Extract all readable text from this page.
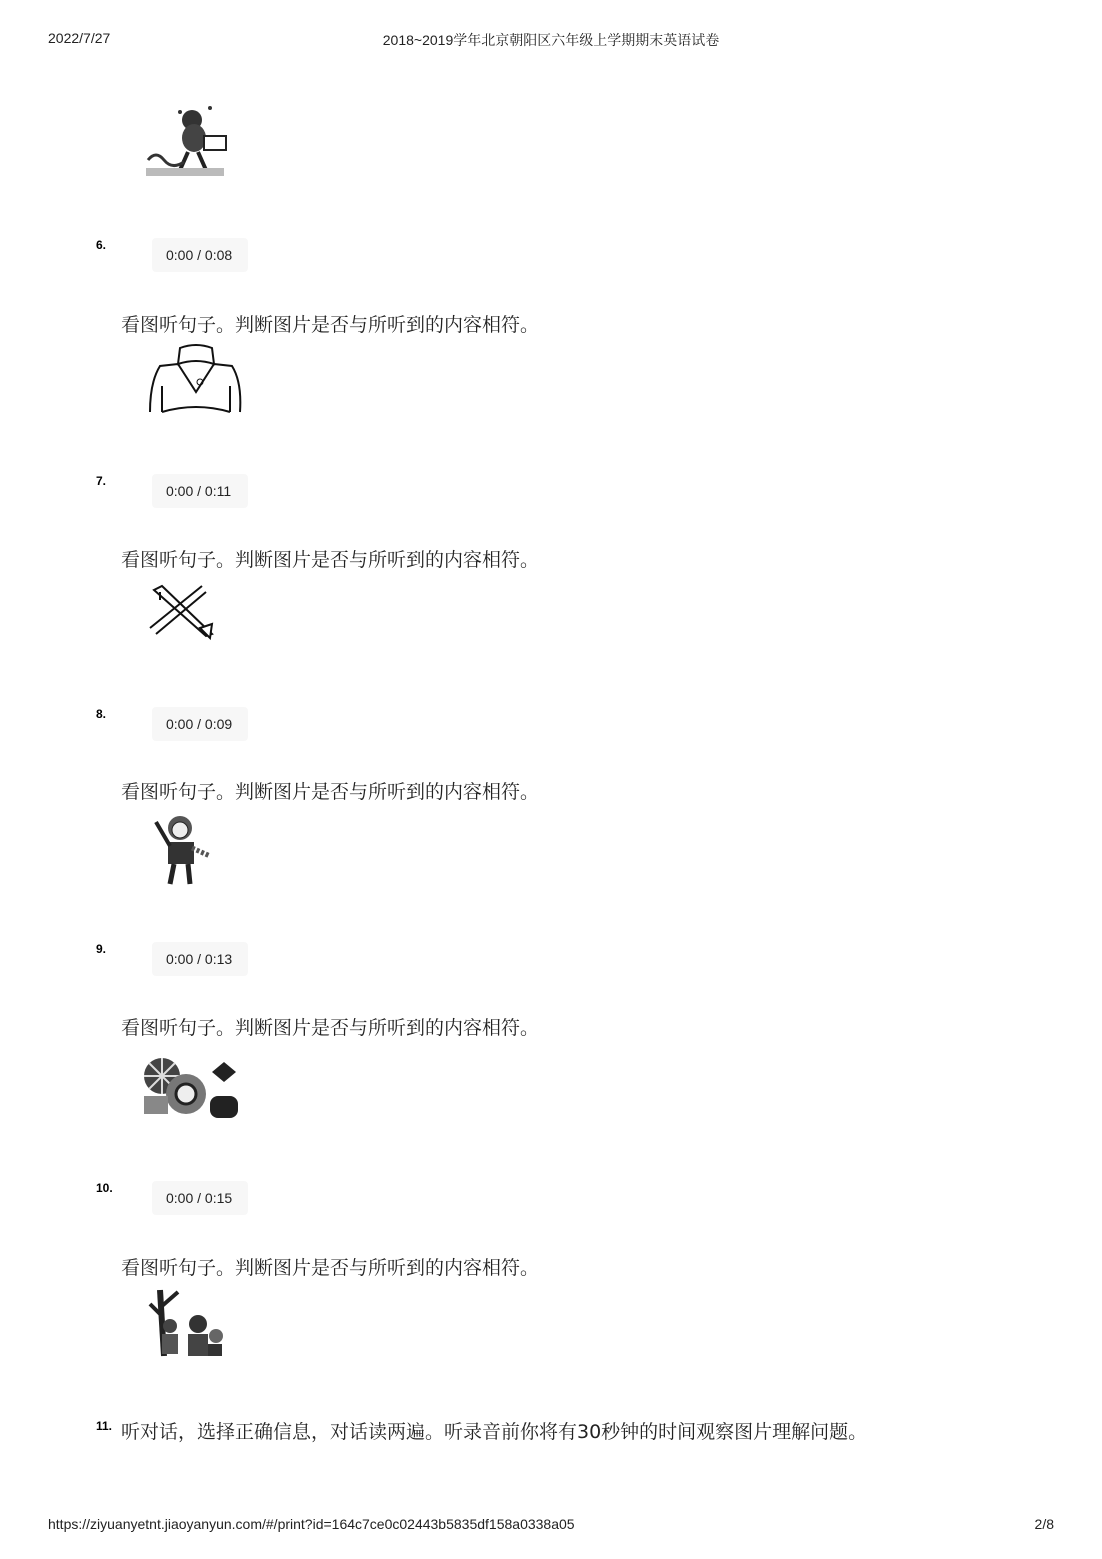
2022/7/27	2018~2019学年北京朝阳区六年级上学期期末英语试卷
6.
0:00 / 0:08
看图听句子。判断图片是否与所听到的内容相符。
7.
0:00 / 0:11
看图听句子。判断图片是否与所听到的内容相符。
8.
0:00 / 0:09
看图听句子。判断图片是否与所听到的内容相符。
9.
0:00 / 0:13
看图听句子。判断图片是否与所听到的内容相符。
10.
0:00 / 0:15
看图听句子。判断图片是否与所听到的内容相符。
11. 听对话，选择正确信息，对话读两遍。听录音前你将有30秒钟的时间观察图片理解问题。
https://ziyuanyetnt.jiaoyanyun.com/#/print?id=164c7ce0c02443b5835df158a0338a05	2/8
